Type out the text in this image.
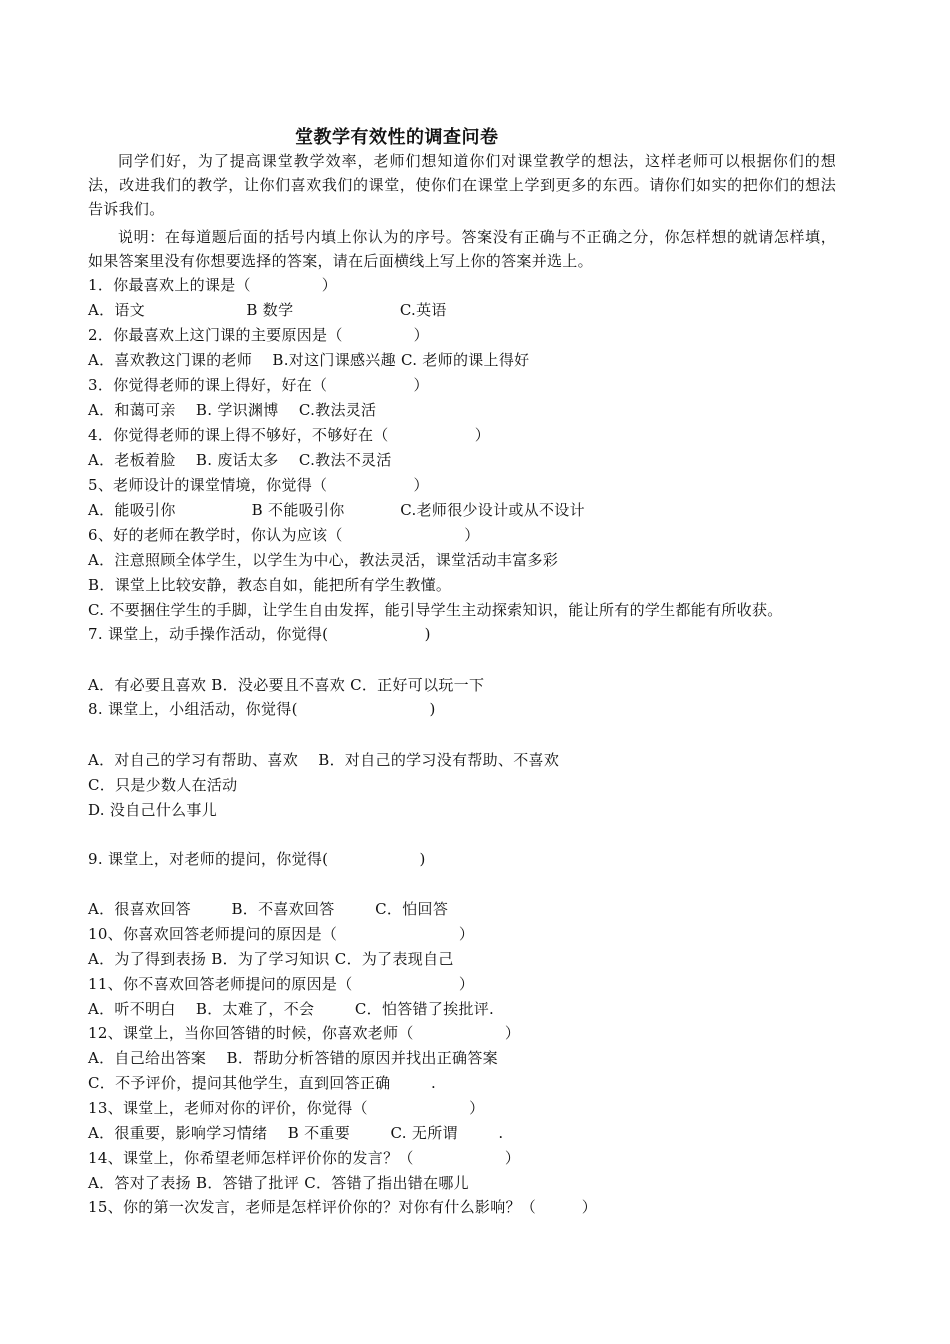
堂教学有效性的调查问卷
同学们好，为了提高课堂教学效率，老师们想知道你们对课堂教学的想法，这样老师可以根据你们的想法，改进我们的教学，让你们喜欢我们的课堂，使你们在课堂上学到更多的东西。请你们如实的把你们的想法告诉我们。
说明：在每道题后面的括号内填上你认为的序号。答案没有正确与不正确之分，你怎样想的就请怎样填，如果答案里没有你想要选择的答案，请在后面横线上写上你的答案并选上。
1．你最喜欢上的课是（              ）
A．语文                    B 数学                     C.英语
2．你最喜欢上这门课的主要原因是（              ）
A．喜欢教这门课的老师    B.对这门课感兴趣 C. 老师的课上得好
3．你觉得老师的课上得好，好在（                 ）
A．和蔼可亲    B. 学识渊博    C.教法灵活
4．你觉得老师的课上得不够好，不够好在（                 ）
A．老板着脸    B. 废话太多    C.教法不灵活
5、老师设计的课堂情境，你觉得（                 ）
A．能吸引你               B 不能吸引你           C.老师很少设计或从不设计
6、好的老师在教学时，你认为应该（                        ）
A．注意照顾全体学生，以学生为中心，教法灵活，课堂活动丰富多彩
B．课堂上比较安静，教态自如，能把所有学生教懂。
C. 不要捆住学生的手脚，让学生自由发挥，能引导学生主动探索知识，能让所有的学生都能有所收获。
7. 课堂上，动手操作活动，你觉得(                   )
A．有必要且喜欢 B．没必要且不喜欢 C．正好可以玩一下
8. 课堂上，小组活动，你觉得(                          )
A．对自己的学习有帮助、喜欢    B．对自己的学习没有帮助、不喜欢
C．只是少数人在活动
D. 没自己什么事儿
9. 课堂上，对老师的提问，你觉得(                  )
A．很喜欢回答        B．不喜欢回答        C．怕回答
10、你喜欢回答老师提问的原因是（                        ）
A．为了得到表扬 B．为了学习知识 C．为了表现自己
11、你不喜欢回答老师提问的原因是（                     ）
A．听不明白    B．太难了，不会        C．怕答错了挨批评.
12、课堂上，当你回答错的时候，你喜欢老师（                  ）
A．自己给出答案    B．帮助分析答错的原因并找出正确答案
C．不予评价，提问其他学生，直到回答正确        .
13、课堂上，老师对你的评价，你觉得（                    ）
A．很重要，影响学习情绪    B 不重要        C. 无所谓        .
14、课堂上，你希望老师怎样评价你的发言？（                  ）
A．答对了表扬 B．答错了批评 C．答错了指出错在哪儿
15、你的第一次发言，老师是怎样评价你的？对你有什么影响？（         ）
